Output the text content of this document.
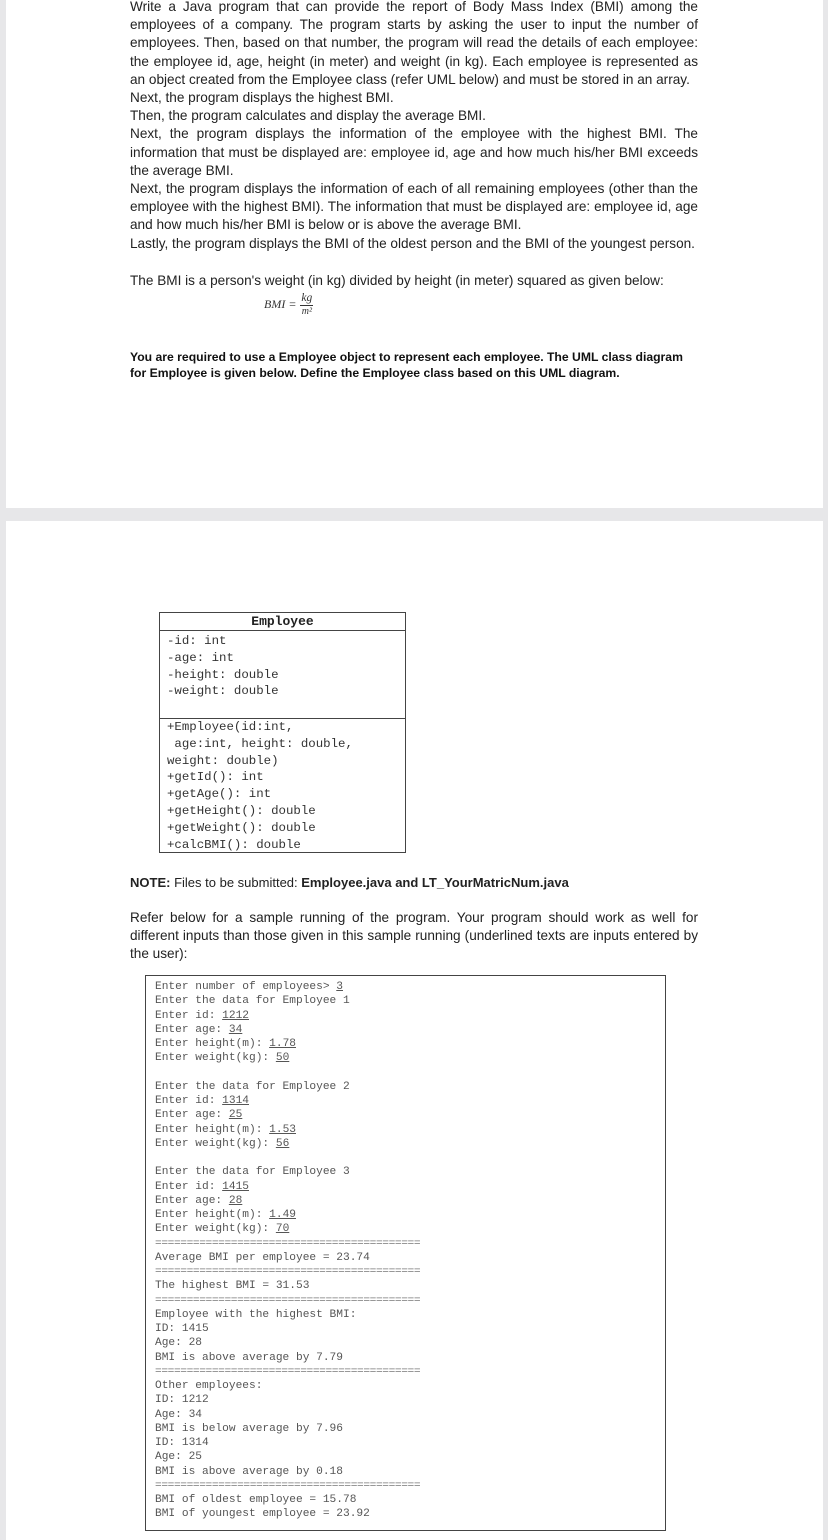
Write a Java program that can provide the report of Body Mass Index (BMI) among the employees of a company. The program starts by asking the user to input the number of employees. Then, based on that number, the program will read the details of each employee: the employee id, age, height (in meter) and weight (in kg). Each employee is represented as an object created from the Employee class (refer UML below) and must be stored in an array.

Next, the program displays the highest BMI.

Then, the program calculates and display the average BMI.

Next, the program displays the information of the employee with the highest BMI. The information that must be displayed are: employee id, age and how much his/her BMI exceeds the average BMI.

Next, the program displays the information of each of all remaining employees (other than the employee with the highest BMI). The information that must be displayed are: employee id, age and how much his/her BMI is below or is above the average BMI.

Lastly, the program displays the BMI of the oldest person and the BMI of the youngest person.

The BMI is a person's weight (in kg) divided by height (in meter) squared as given below:

BMI = $\frac{kg}{\text{m²}}$

You are required to use a Employee object to represent each employee. The UML class diagram for Employee is given below. Define the Employee class based on this UML diagram.

Employee
-id: int
-age: int
-height: double
-weight: double
+Employee(id:int,
age:int, height: double,
weight: double)
+getId(): int
+getAge(): int
+getHeight(): double
+getWeight(): double
+calcBMI(): double

NOTE: Files to be submitted: Employee.java and LT_YourMatricNum.java

Refer below for a sample running of the program. Your program should work as well for different inputs than those given in this sample running (underlined texts are inputs entered by the user):

Enter number of employees> 3
Enter the data for Employee 1
Enter id: 1212
Enter age: 34
Enter height(m): 1.78
Enter weight(kg): 50
Enter the data for Employee 2
Enter id: 1314
Enter age: 25
Enter height(m): 1.53
Enter weight(kg): 56
Enter the data for Employee 3
Enter id: 1415
Enter age: 28
Enter height(m): 1.49
Enter weight(kg): 70
==========================================
Average BMI per employee = 23.74
==========================================
The highest BMI = 31.53
==========================================
Employee with the highest BMI:
ID: 1415
Age: 28
BMI is above average by 7.79
==========================================
Other employees:
ID: 1212
Age: 34
BMI is below average by 7.96
ID: 1314
Age: 25
BMI is above average by 0.18
==========================================
BMI of oldest employee = 15.78
BMI of youngest employee = 23.92
